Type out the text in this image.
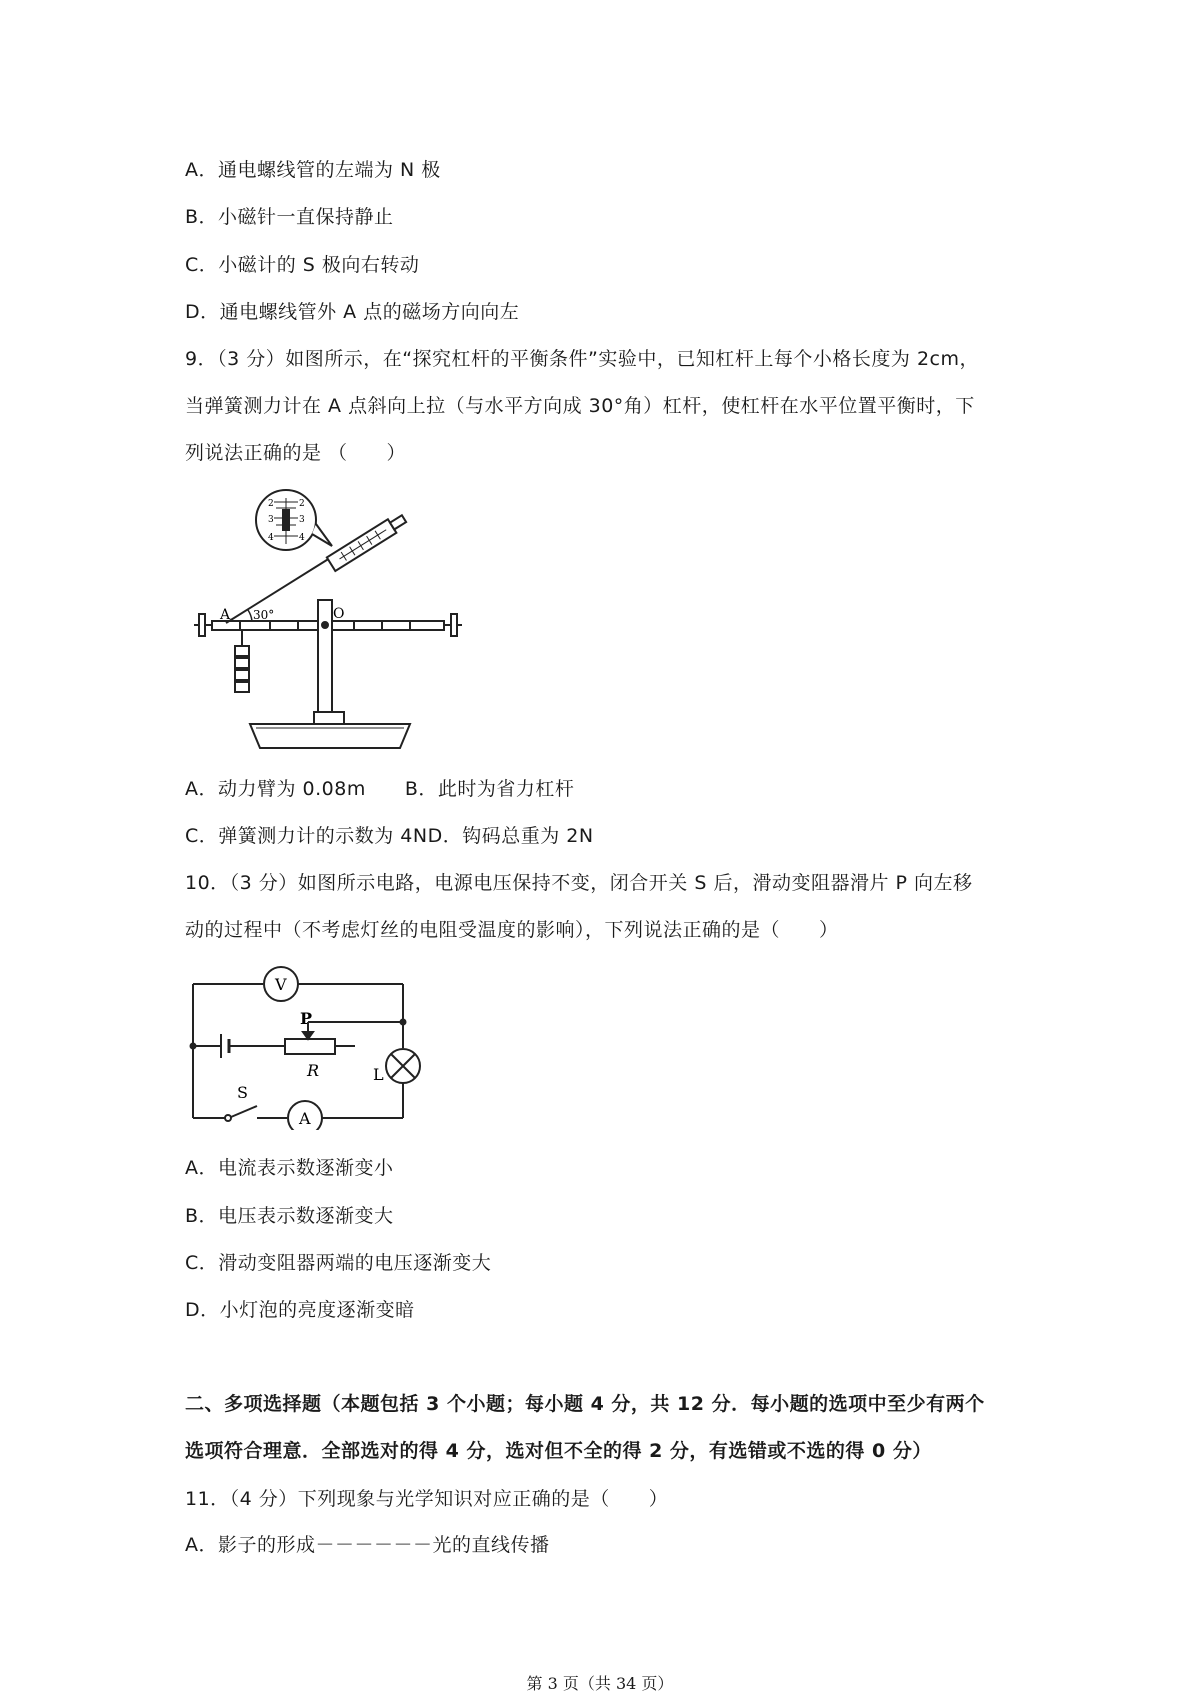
A．通电螺线管的左端为 N 极
B．小磁针一直保持静止
C．小磁计的 S 极向右转动
D．通电螺线管外 A 点的磁场方向向左
9．（3 分）如图所示，在“探究杠杆的平衡条件”实验中，已知杠杆上每个小格长度为 2cm，
当弹簧测力计在 A 点斜向上拉（与水平方向成 30°角）杠杆，使杠杆在水平位置平衡时，下
列说法正确的是 （　　）
A	O
30°
2
3
4
2
3
4
A．动力臂为 0.08m　　B．此时为省力杠杆
C．弹簧测力计的示数为 4ND．钩码总重为 2N
10．（3 分）如图所示电路，电源电压保持不变，闭合开关 S 后，滑动变阻器滑片 P 向左移
动的过程中（不考虑灯丝的电阻受温度的影响），下列说法正确的是（　　）
V
P
R	L
S
A
A．电流表示数逐渐变小
B．电压表示数逐渐变大
C．滑动变阻器两端的电压逐渐变大
D．小灯泡的亮度逐渐变暗
二、多项选择题（本题包括 3 个小题；每小题 4 分，共 12 分．每小题的选项中至少有两个
选项符合理意．全部选对的得 4 分，选对但不全的得 2 分，有选错或不选的得 0 分）
11．（4 分）下列现象与光学知识对应正确的是（　　）
A．影子的形成－－－－－－光的直线传播
第 3 页（共 34 页）
